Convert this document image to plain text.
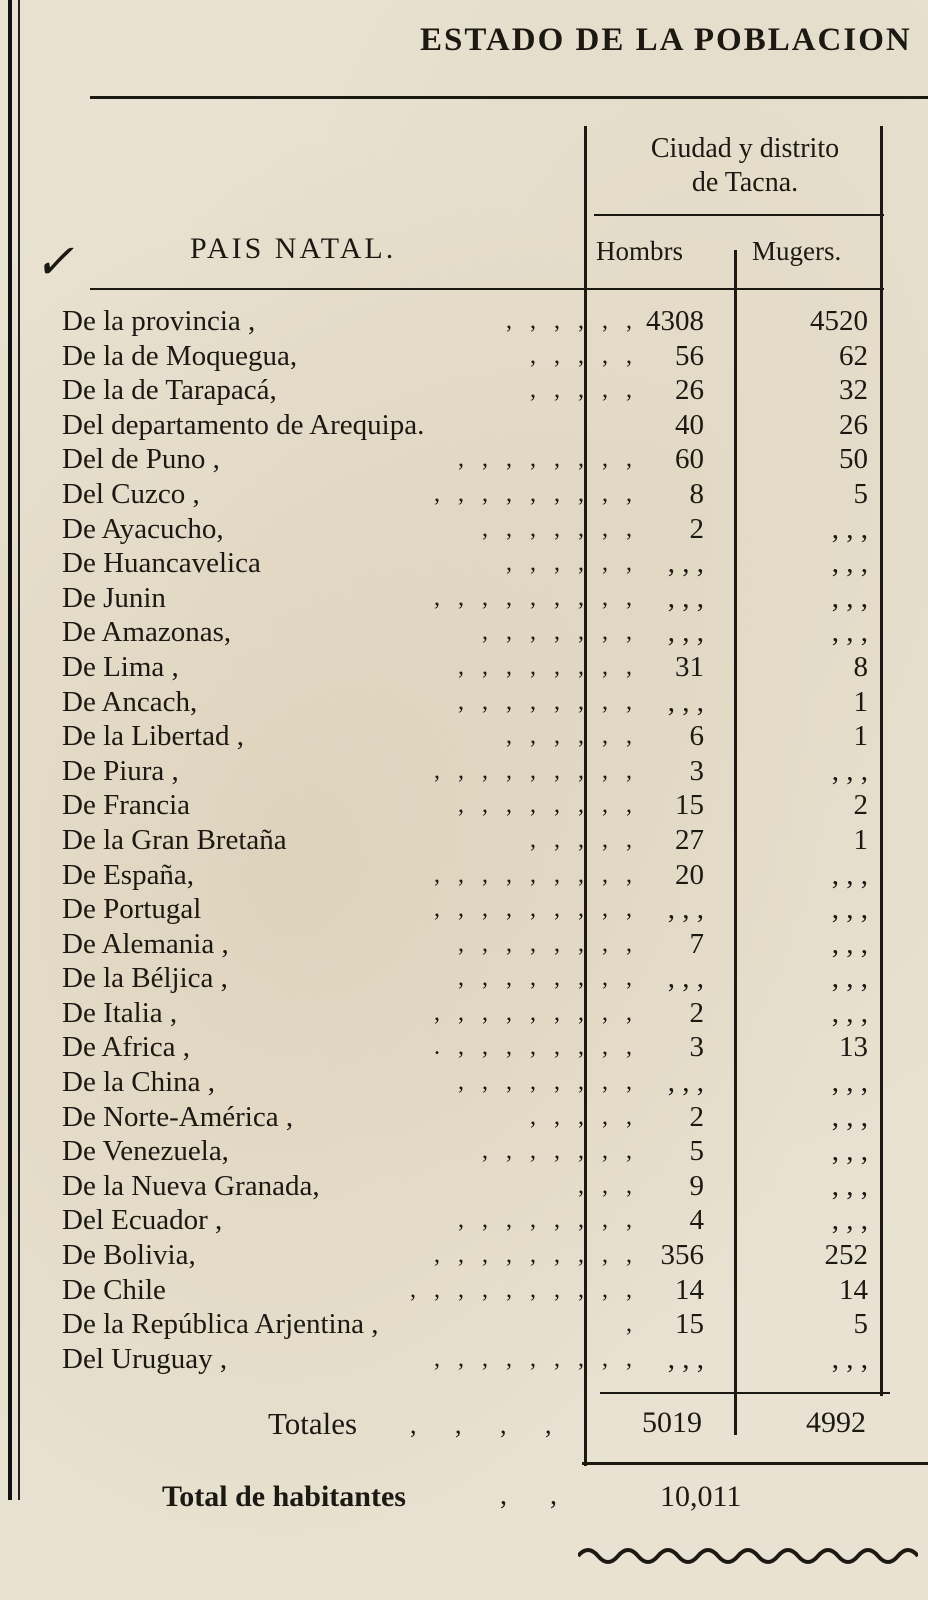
ESTADO DE LA POBLACION
Ciudad y distrito
de Tacna.
✓	PAIS NATAL.	Hombrs	Mugers.
De la provincia ,	, , , , , , 4308	4520
De la de Moquegua,	, , , , ,	56	62
De la de Tarapacá,	, , , , ,	26	32
Del departamento de Arequipa.	40	26
Del de Puno ,	, , , , , , , ,	60	50
Del Cuzco ,	, , , , , , , , ,	8	5
De Ayacucho,	, , , , , , ,	2	, , ,
De Huancavelica	, , , , , ,	, , ,	, , ,
De Junin	, , , , , , , , ,	, , ,	, , ,
De Amazonas,	, , , , , , ,	, , ,	, , ,
De Lima ,	, , , , , , , ,	31	8
De Ancach,	, , , , , , , ,	, , ,	1
De la Libertad ,	, , , , , ,	6	1
De Piura ,	, , , , , , , , ,	3	, , ,
De Francia	, , , , , , , ,	15	2
De la Gran Bretaña	, , , , ,	27	1
De España,	, , , , , , , , ,	20	, , ,
De Portugal	, , , , , , , , ,	, , ,	, , ,
De Alemania ,	, , , , , , , ,	7	, , ,
De la Béljica ,	, , , , , , , ,	, , ,	, , ,
De Italia ,	, , , , , , , , ,	2	, , ,
De Africa ,	. , , , , , , , ,	3	13
De la China ,	, , , , , , , ,	, , ,	, , ,
De Norte-América ,	, , , , ,	2	, , ,
De Venezuela,	, , , , , , ,	5	, , ,
De la Nueva Granada,	, , ,	9	, , ,
Del Ecuador ,	, , , , , , , ,	4	, , ,
De Bolivia,	, , , , , , , , , 356	252
De Chile	, , , , , , , , , ,	14	14
De la República Arjentina ,	,	15	5
Del Uruguay ,	, , , , , , , , ,	, , ,	, , ,
Totales , , , ,	5019	4992
Total de habitantes	, ,	10,011
